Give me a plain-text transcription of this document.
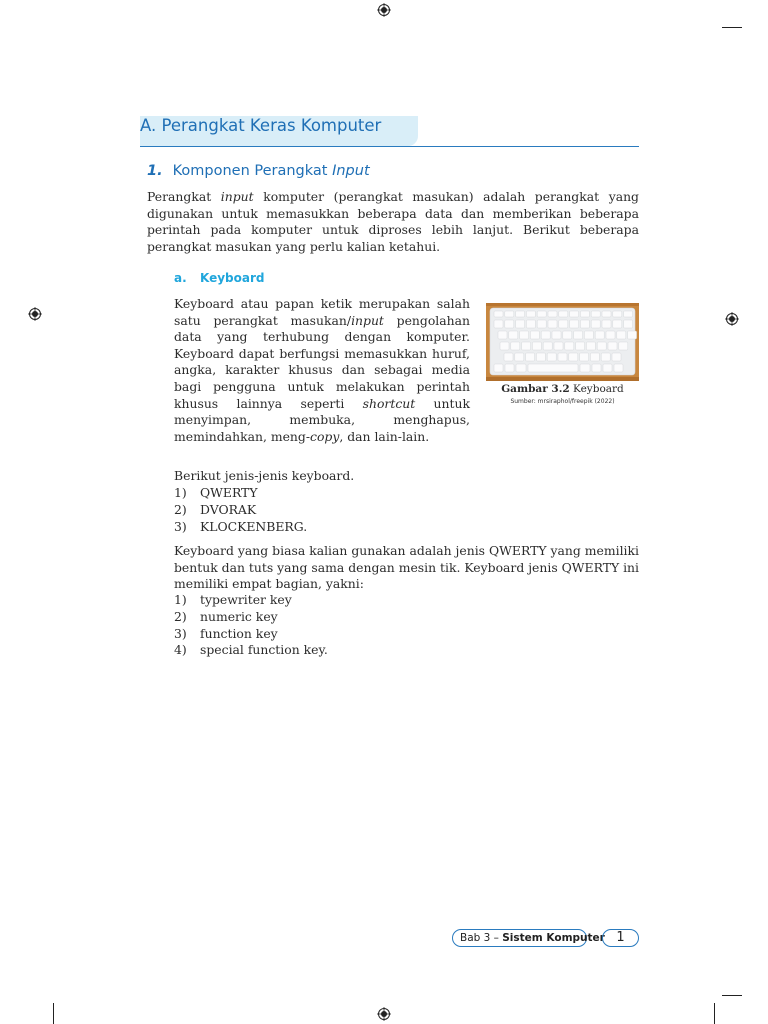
A. Perangkat Keras Komputer
1. Komponen Perangkat Input

Perangkat input komputer (perangkat masukan) adalah perangkat yang digunakan untuk memasukkan beberapa data dan memberikan beberapa perintah pada komputer untuk diproses lebih lanjut. Berikut beberapa perangkat masukan yang perlu kalian ketahui.

a. Keyboard

Keyboard atau papan ketik merupakan salah satu perangkat masukan/input pengolahan data yang terhubung dengan komputer. Keyboard dapat berfungsi memasukkan huruf, angka, karakter khusus dan sebagai media bagi pengguna untuk melakukan perintah khusus lainnya seperti shortcut untuk menyimpan, membuka, menghapus, memindahkan, meng-copy, dan lain-lain.

Gambar 3.2 Keyboard
Sumber: mrsiraphol/freepik (2022)

Berikut jenis-jenis keyboard.

1) QWERTY
2) DVORAK
3) KLOCKENBERG.

Keyboard yang biasa kalian gunakan adalah jenis QWERTY yang memiliki bentuk dan tuts yang sama dengan mesin tik. Keyboard jenis QWERTY ini memiliki empat bagian, yakni:

1) typewriter key
2) numeric key
3) function key
4) special function key.
Bab 3 – Sistem Komputer 1
